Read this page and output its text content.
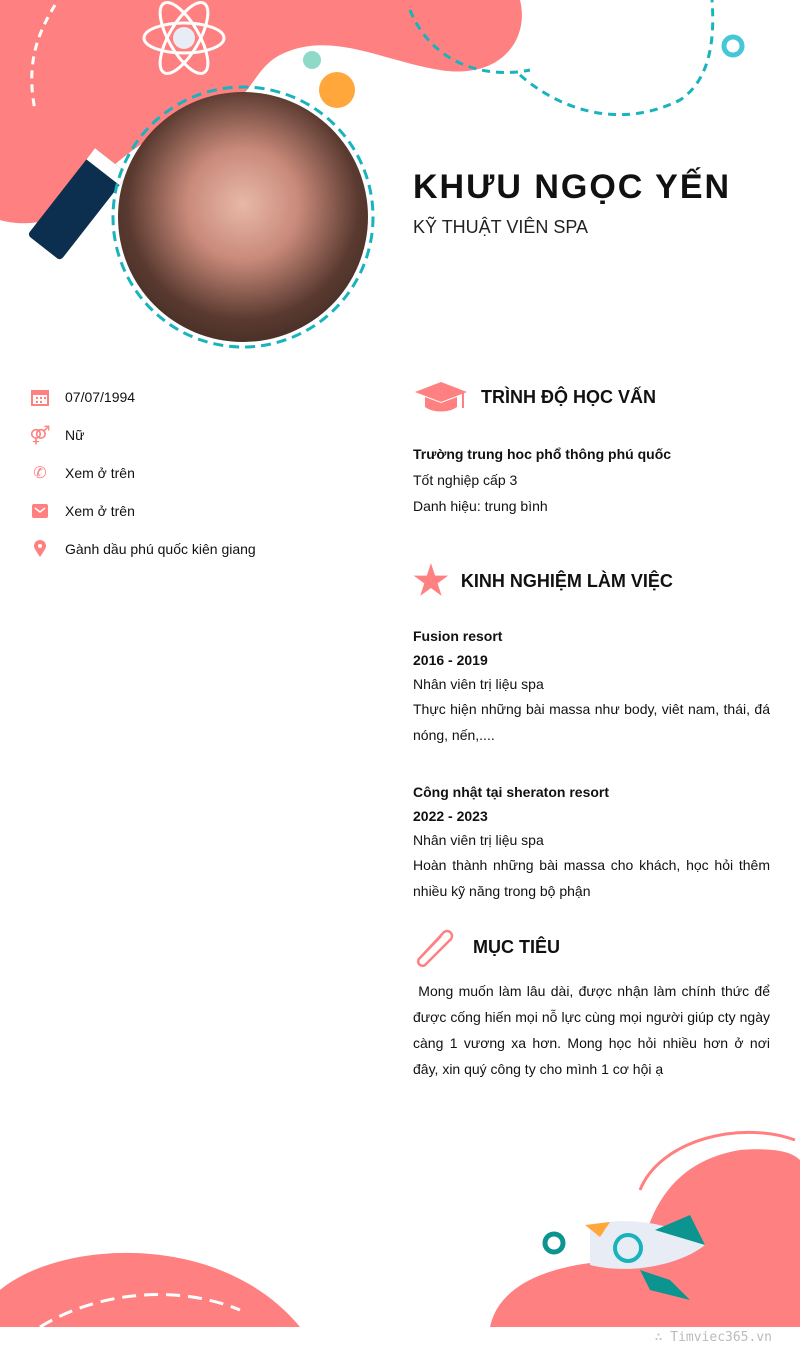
KHƯU NGỌC YẾN
KỸ THUẬT VIÊN SPA
07/07/1994
⚤ Nữ
✆ Xem ở trên
Xem ở trên
Gành dầu phú quốc kiên giang
TRÌNH ĐỘ HỌC VẤN
Trường trung hoc phổ thông phú quốc
Tốt nghiệp cấp 3
Danh hiệu: trung bình
★ KINH NGHIỆM LÀM VIỆC
Fusion resort
2016 - 2019
Nhân viên trị liệu spa
Thực hiện những bài massa như body, viêt nam, thái, đá nóng, nến,....
Công nhật tại sheraton resort
2022 - 2023
Nhân viên trị liệu spa
Hoàn thành những bài massa cho khách, học hỏi thêm nhiều kỹ năng trong bộ phận
MỤC TIÊU
Mong muốn làm lâu dài, được nhận làm chính thức để được cống hiến mọi nỗ lực cùng mọi người giúp cty ngày càng 1 vương xa hơn. Mong học hỏi nhiều hơn ở nơi đây, xin quý công ty cho mình 1 cơ hội ạ
∴ Timviec365.vn
